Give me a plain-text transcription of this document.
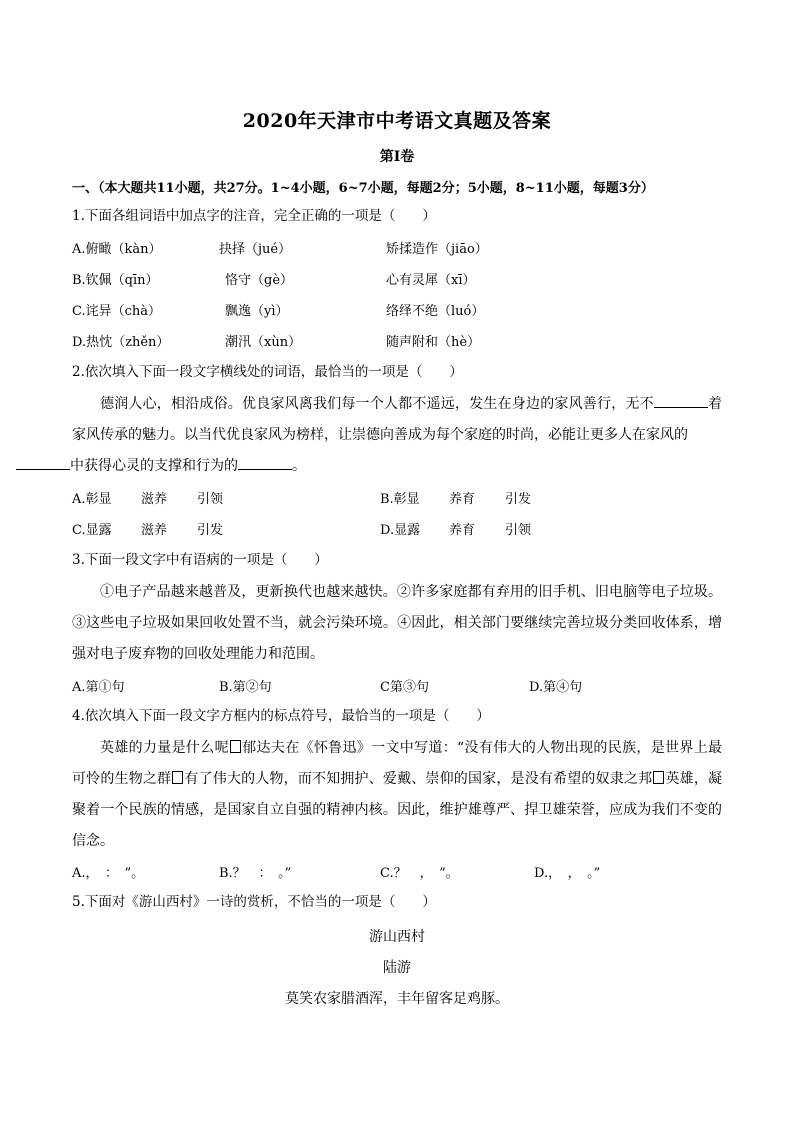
2020年天津市中考语文真题及答案
第Ⅰ卷
一、（本大题共11小题，共27分。1~4小题，6~7小题，每题2分；5小题，8~11小题，每题3分）
1.下面各组词语中加点字的注音，完全正确的一项是（　　）
A.俯瞰（kàn）	抉择（jué）	矫揉造作（jiāo）
B.钦佩（qīn）	恪守（gè）	心有灵犀（xī）
C.诧异（chà）	飘逸（yì）	络绎不绝（luó）
D.热忱（zhěn）	潮汛（xùn）	随声附和（hè）
2.依次填入下面一段文字横线处的词语，最恰当的一项是（　　）
德润人心，相沿成俗。优良家风离我们每一个人都不遥远，发生在身边的家风善行，无不	着家风传承的魅力。以当代优良家风为榜样，让崇德向善成为每个家庭的时尚，必能让更多人在家风的
中获得心灵的支撑和行为的	。
A.彰显 滋养 引领	B.彰显 养育 引发
C.显露 滋养 引发	D.显露 养育 引领
3.下面一段文字中有语病的一项是（　　）
①电子产品越来越普及，更新换代也越来越快。②许多家庭都有弃用的旧手机、旧电脑等电子垃圾。③这些电子垃圾如果回收处置不当，就会污染环境。④因此，相关部门要继续完善垃圾分类回收体系，增强对电子废弃物的回收处理能力和范围。
A.第①句	B.第②句	C第③句	D.第④句
4.依次填入下面一段文字方框内的标点符号，最恰当的一项是（　　）
英雄的力量是什么呢 郁达夫在《怀鲁迅》一文中写道：“没有伟大的人物出现的民族，是世界上最可怜的生物之群 有了伟大的人物，而不知拥护、爱戴、崇仰的国家，是没有希望的奴隶之邦 英雄，凝聚着一个民族的情感，是国家自立自强的精神内核。因此，维护雄尊严、捍卫雄荣誉，应成为我们不变的信念。
A.，　：　”。	B.？　：　。”	C.？　，　”。	D.，　，　。”
5.下面对《游山西村》一诗的赏析，不恰当的一项是（　　）
游山西村
陆游
莫笑农家腊酒浑，丰年留客足鸡豚。
